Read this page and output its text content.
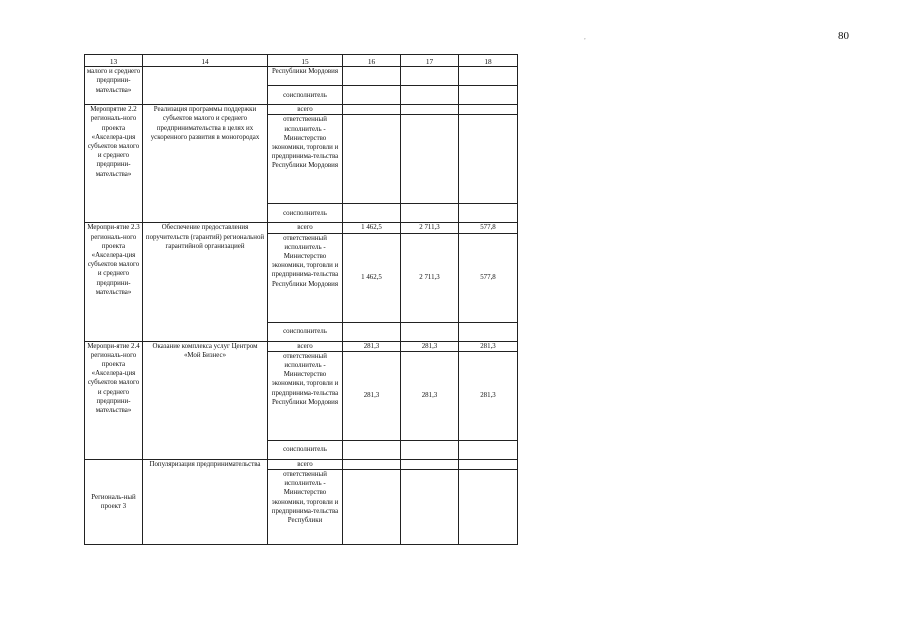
80
,
13	14	15	16	17	18
малого и среднего предприни-мательства»		Республики Мордовия			
		соисполнитель			
Меропрятие 2.2 региональ-ного проекта «Акселера-ция субъектов малого и среднего предприни-мательства»	Реализация программы поддержки субъектов малого и среднего предпринимательства в целях их ускоренного развития в моногородах	всего			
		ответственный исполнитель - Министерство экономики, торговли и предпринима-тельства Республики Мордовия			
		соисполнитель			
Меропри-ятие 2.3 региональ-ного проекта «Акселера-ция субъектов малого и среднего предприни-мательства»	Обеспечение предоставления поручительств (гарантий) региональной гарантийной организацией	всего	1 462,5	2 711,3	577,8
		ответственный исполнитель - Министерство экономики, торговли и предпринима-тельства Республики Мордовия	1 462,5	2 711,3	577,8
		соисполнитель			
Меропри-ятие 2.4 региональ-ного проекта «Акселера-ция субъектов малого и среднего предприни-мательства»	Оказание комплекса услуг Центром «Мой Бизнес»	всего	281,3	281,3	281,3
		ответственный исполнитель - Министерство экономики, торговли и предпринима-тельства Республики Мордовия	281,3	281,3	281,3
		соисполнитель			
Региональ-ный проект 3	Популяризация предпринимательства	всего			
		ответственный исполнитель - Министерство экономики, торговли и предпринима-тельства Республики			
